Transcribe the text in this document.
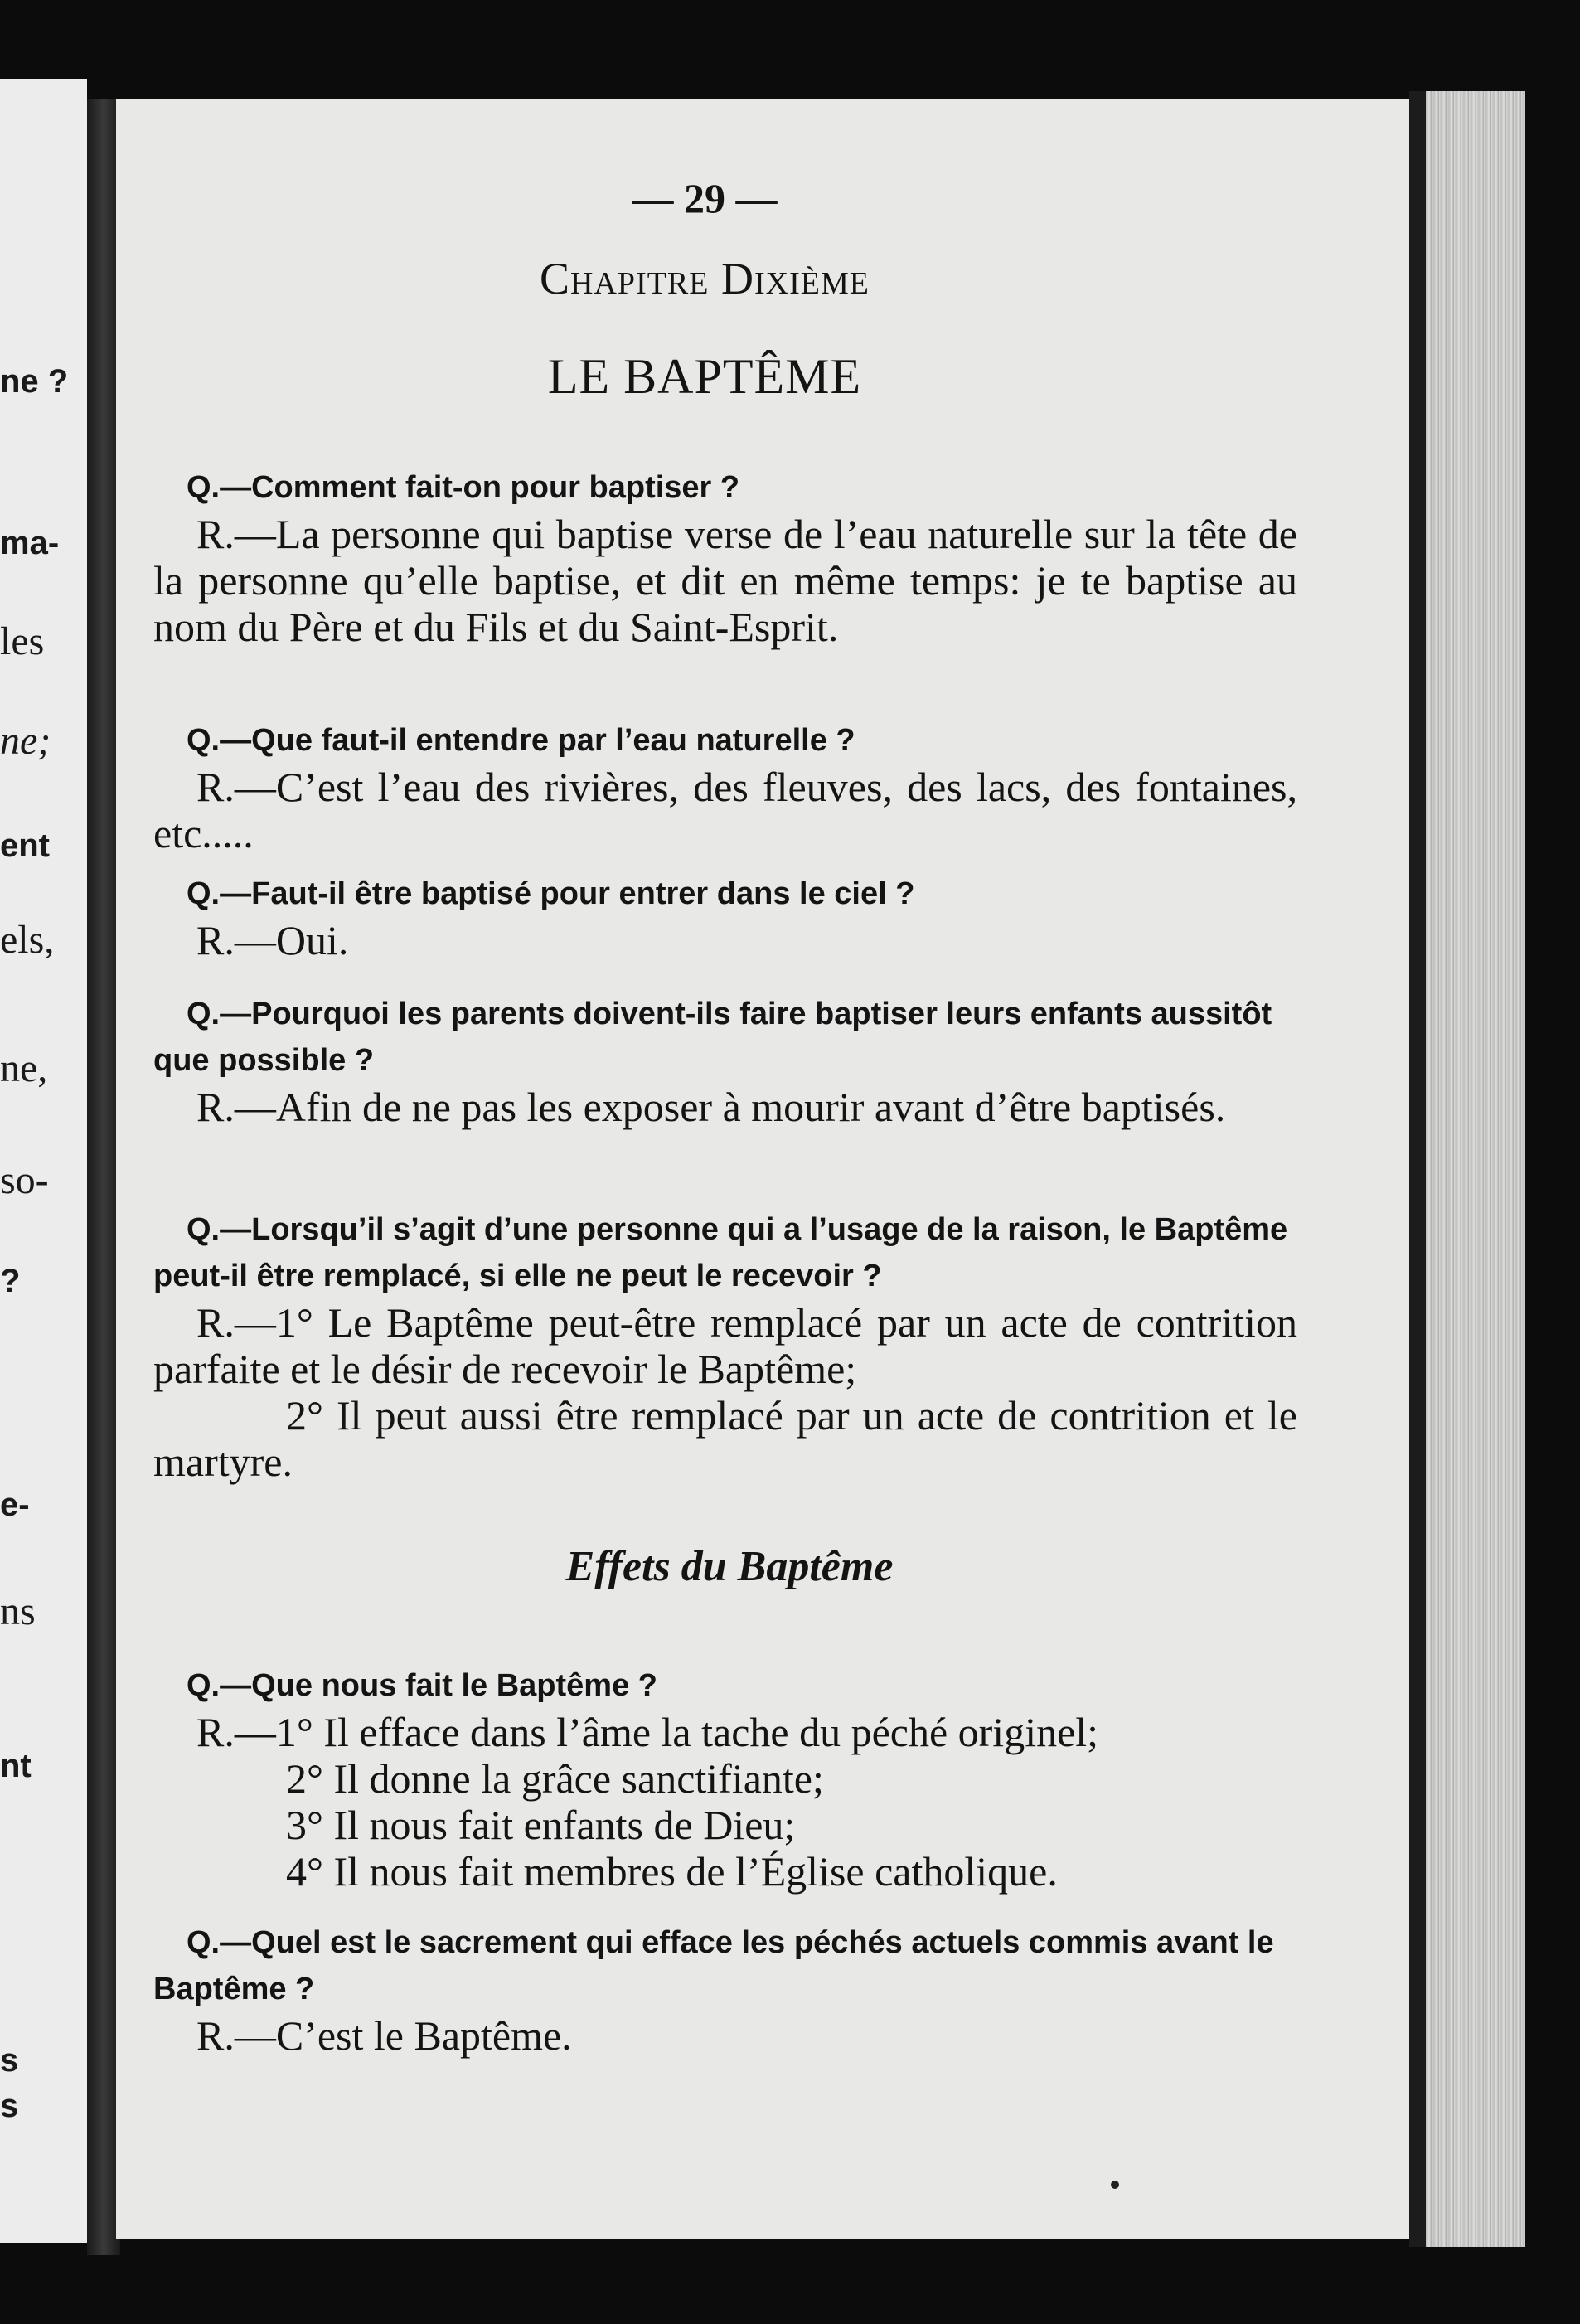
ne ?
ma-
les
ne;
ent
els,
ne,
so-
?
e-
ns
nt
s
s
— 29 —
Chapitre Dixième
LE BAPTÊME
Q.—Comment fait-on pour baptiser ?
R.—La personne qui baptise verse de l’eau naturelle sur la tête de la personne qu’elle baptise, et dit en même temps: je te baptise au nom du Père et du Fils et du Saint-Esprit.
Q.—Que faut-il entendre par l’eau naturelle ?
R.—C’est l’eau des rivières, des fleuves, des lacs, des fontaines, etc.....
Q.—Faut-il être baptisé pour entrer dans le ciel ?
R.—Oui.
Q.—Pourquoi les parents doivent-ils faire baptiser leurs enfants aussitôt que possible ?
R.—Afin de ne pas les exposer à mourir avant d’être baptisés.
Q.—Lorsqu’il s’agit d’une personne qui a l’usage de la raison, le Baptême peut-il être remplacé, si elle ne peut le recevoir ?
R.—1° Le Baptême peut-être remplacé par un acte de contrition parfaite et le désir de recevoir le Baptême;
2° Il peut aussi être remplacé par un acte de contrition et le martyre.
Effets du Baptême
Q.—Que nous fait le Baptême ?
R.—1° Il efface dans l’âme la tache du péché originel;
2° Il donne la grâce sanctifiante;
3° Il nous fait enfants de Dieu;
4° Il nous fait membres de l’Église catholique.
Q.—Quel est le sacrement qui efface les péchés actuels commis avant le Baptême ?
R.—C’est le Baptême.
